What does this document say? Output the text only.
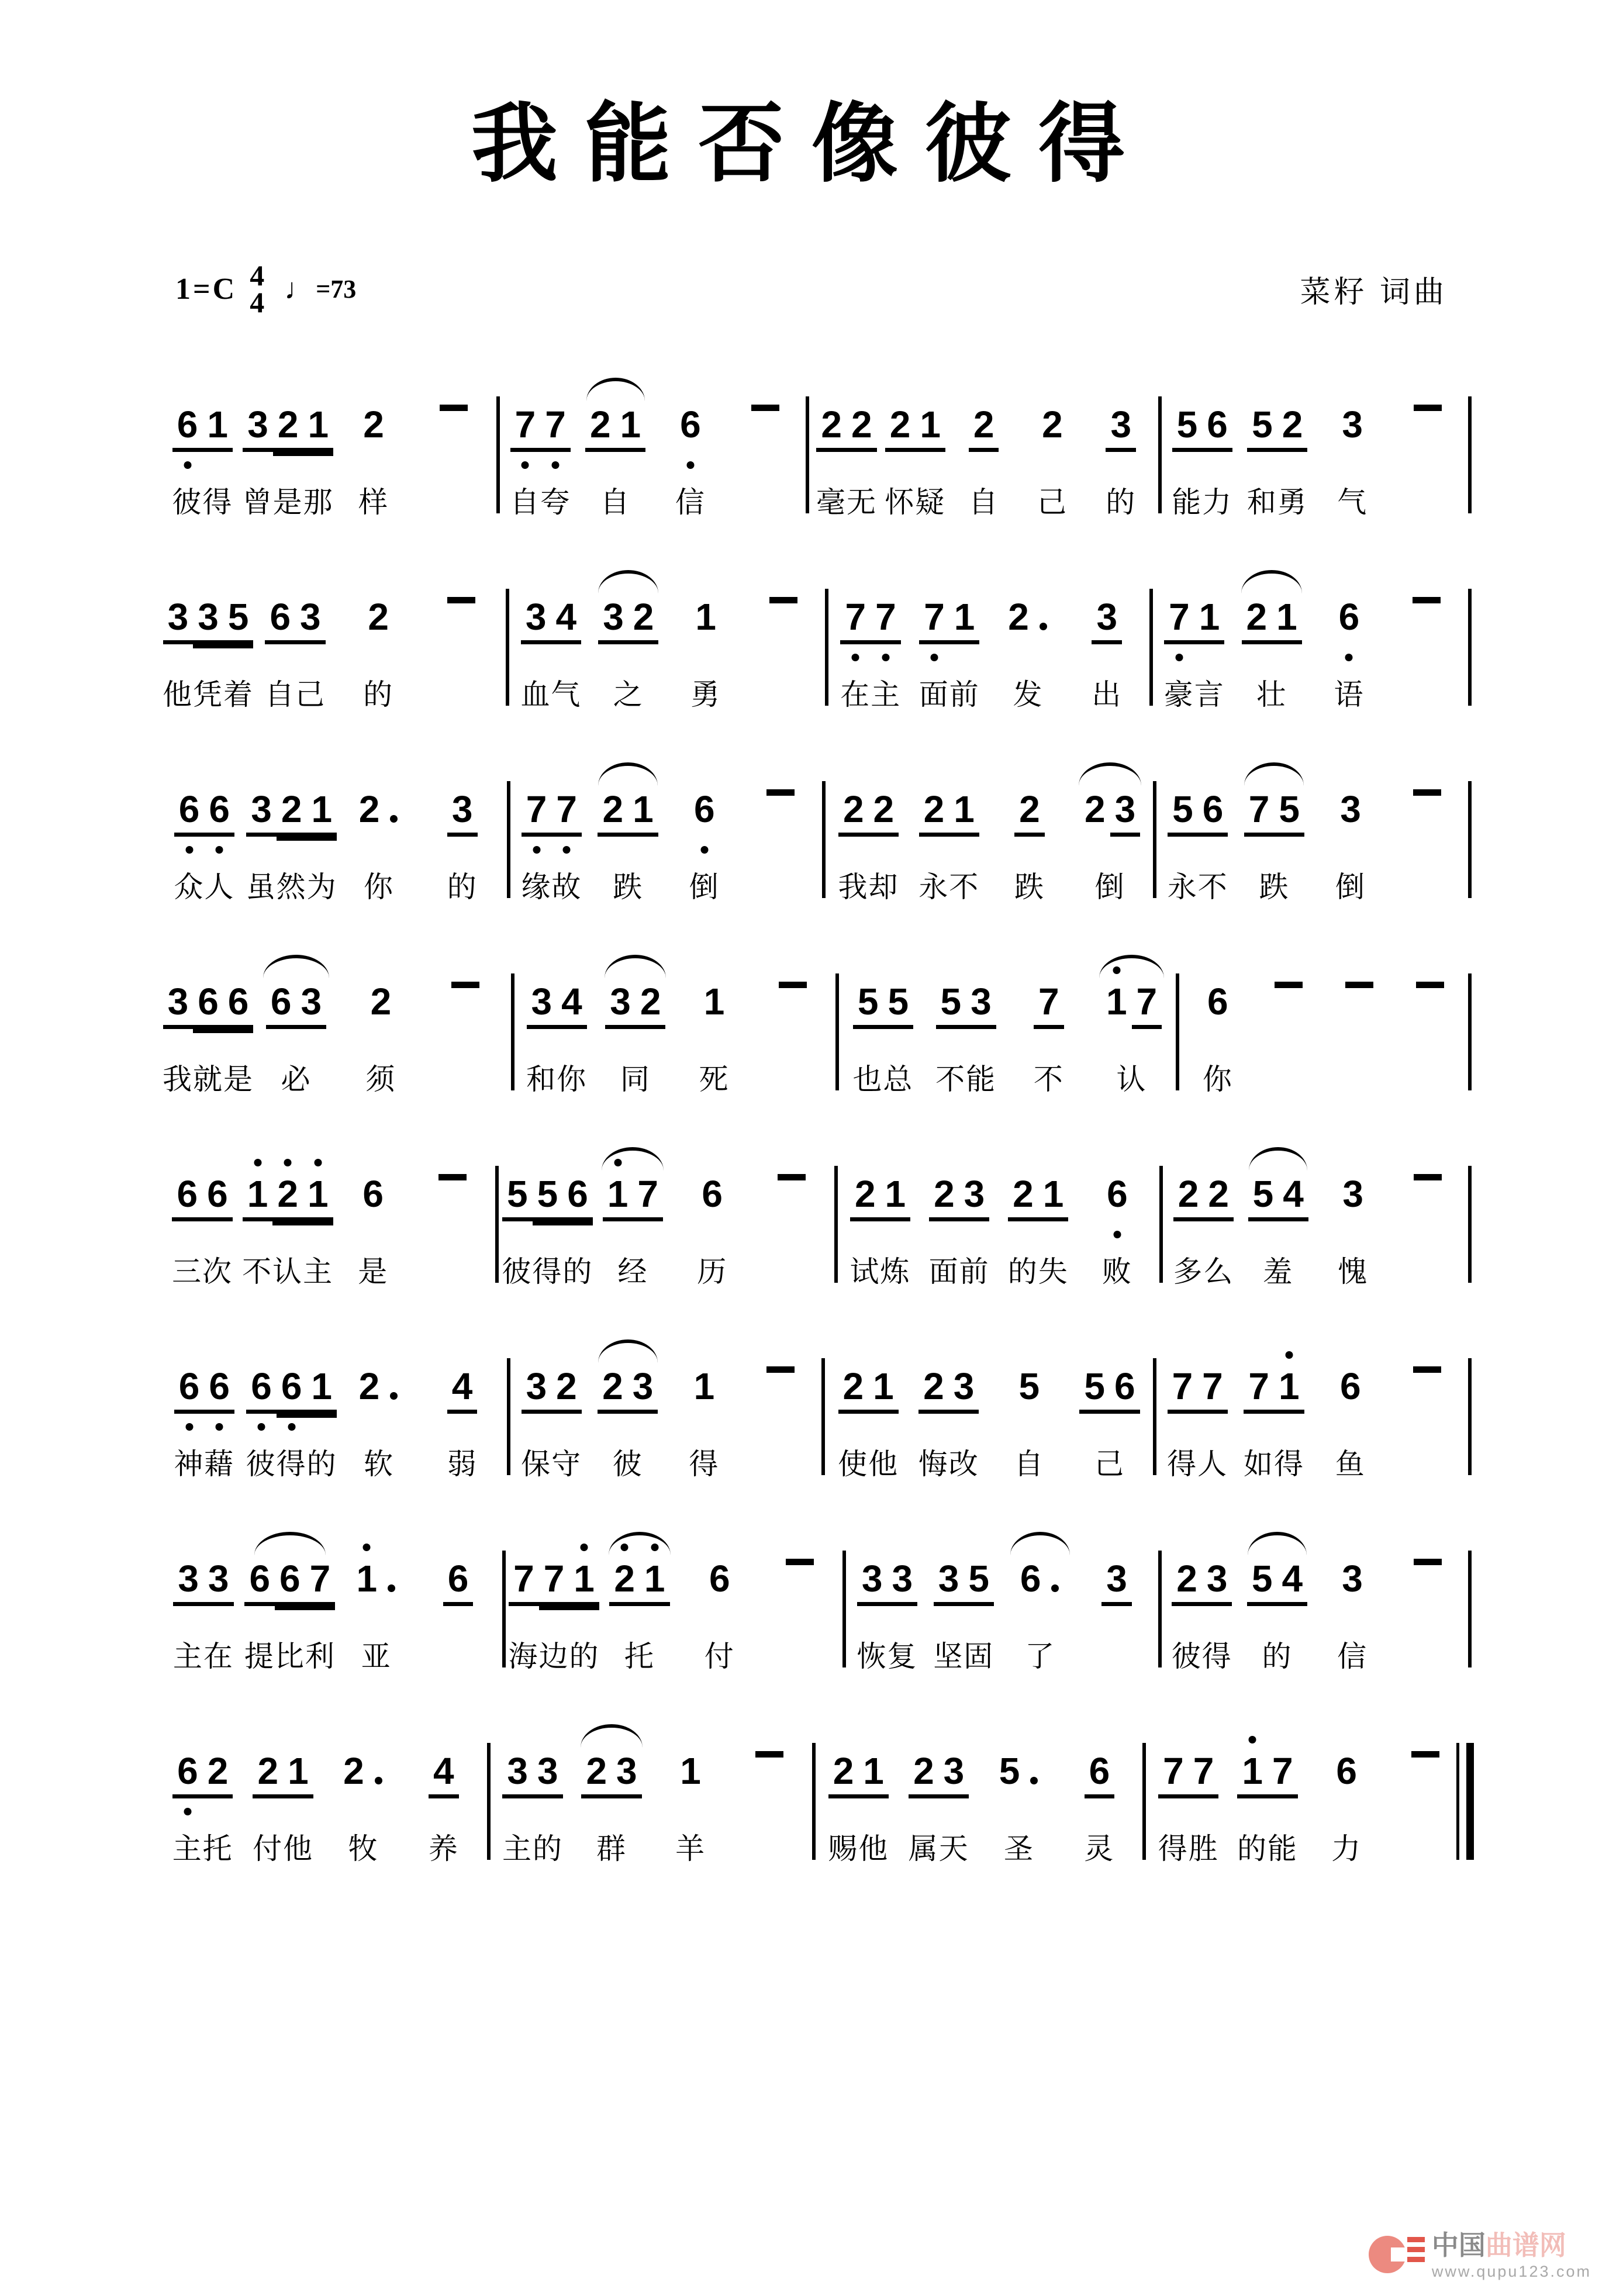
我能否像彼得
1=C 4
4 ♩ =73	菜籽 词曲
6 1
彼得
3 2 1
曾是那
2
样
7 7
自夸
2 1
自
6
信
2 2
毫无
2 1
怀疑
2
自
2
己
3
的
5 6
能力
5 2
和勇
3
气
3 3 5
他凭着
6 3
自己
2
的
3 4
血气
3 2
之
1
勇
7 7
在主
7 1
面前
2
发
3
出
7 1
豪言
2 1
壮
6
语
6 6
众人
3 2 1
虽然为
2
你
3
的
7 7
缘故
2 1
跌
6
倒
2 2
我却
2 1
永不
2
跌
2 3
倒
5 6
永不
7 5
跌
3
倒
3 6 6
我就是
6 3
必
2
须
3 4
和你
3 2
同
1
死
5 5
也总
5 3
不能
7
不
1 7
认
6
你
6 6
三次
1 2 1
不认主
6
是
5 5 6
彼得的
1 7
经
6
历
2 1
试炼
2 3
面前
2 1
的失
6
败
2 2
多么
5 4
羞
3
愧
6 6
神藉
6 6 1
彼得的
2
软
4
弱
3 2
保守
2 3
彼
1
得
2 1
使他
2 3
悔改
5
自
5 6
己
7 7
得人
7 1
如得
6
鱼
3 3
主在
6 6 7
提比利
1
亚
6 7 7 1
海边的
2 1
托
6
付
3 3
恢复
3 5
坚固
6
了
3 2 3
彼得
5 4
的
3
信
6 2
主托
2 1
付他
2
牧
4
养
3 3
主的
2 3
群
1
羊
2 1
赐他
2 3
属天
5
圣
6
灵
7 7
得胜
1 7
的能
6
力
中国曲谱网
www.qupu123.com
